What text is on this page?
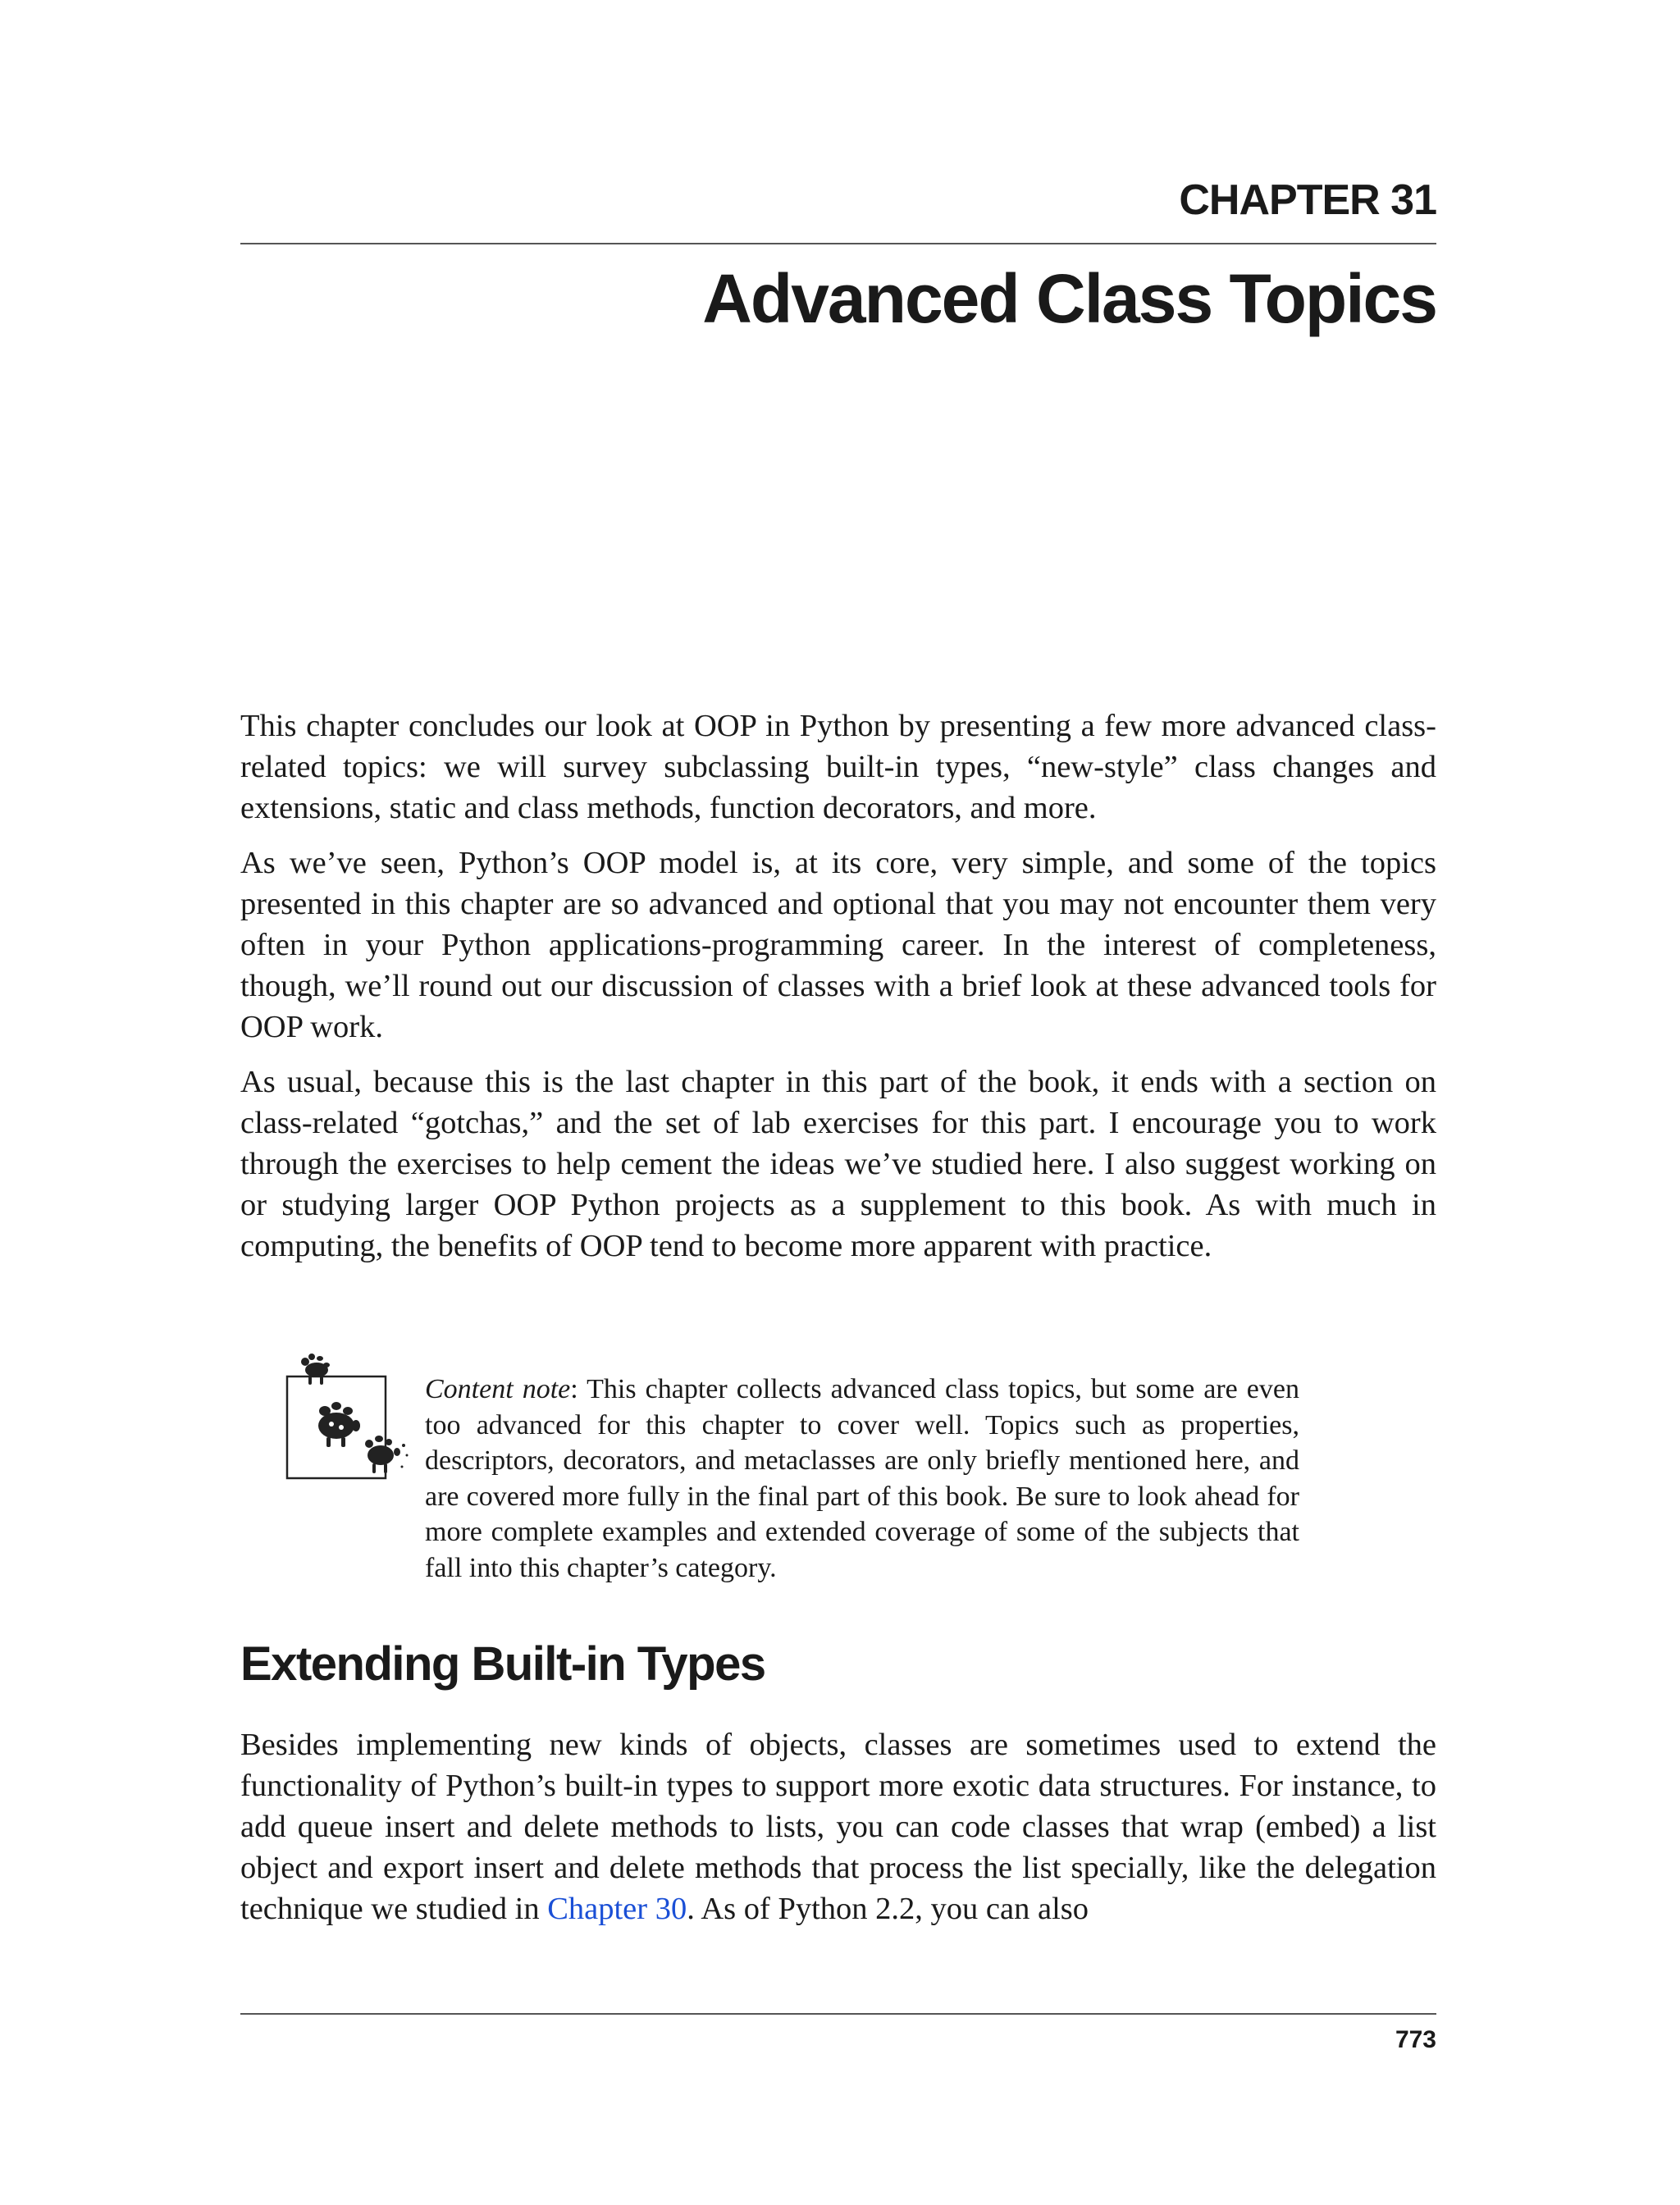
CHAPTER 31
Advanced Class Topics

This chapter concludes our look at OOP in Python by presenting a few more advanced class-related topics: we will survey subclassing built-in types, “new-style” class changes and extensions, static and class methods, function decorators, and more.

As we’ve seen, Python’s OOP model is, at its core, very simple, and some of the topics presented in this chapter are so advanced and optional that you may not encounter them very often in your Python applications-programming career. In the interest of completeness, though, we’ll round out our discussion of classes with a brief look at these advanced tools for OOP work.

As usual, because this is the last chapter in this part of the book, it ends with a section on class-related “gotchas,” and the set of lab exercises for this part. I encourage you to work through the exercises to help cement the ideas we’ve studied here. I also suggest working on or studying larger OOP Python projects as a supplement to this book. As with much in computing, the benefits of OOP tend to become more apparent with practice.

Content note: This chapter collects advanced class topics, but some are even too advanced for this chapter to cover well. Topics such as properties, descriptors, decorators, and metaclasses are only briefly mentioned here, and are covered more fully in the final part of this book. Be sure to look ahead for more complete examples and extended coverage of some of the subjects that fall into this chapter’s category.
Extending Built-in Types

Besides implementing new kinds of objects, classes are sometimes used to extend the functionality of Python’s built-in types to support more exotic data structures. For instance, to add queue insert and delete methods to lists, you can code classes that wrap (embed) a list object and export insert and delete methods that process the list specially, like the delegation technique we studied in Chapter 30. As of Python 2.2, you can also

773
